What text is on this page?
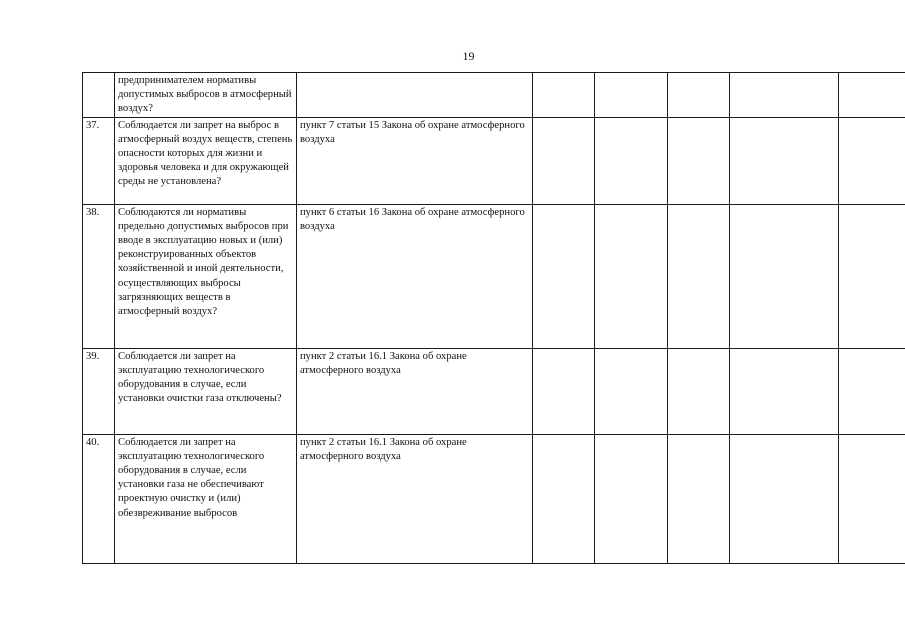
19
	предпринимателем нормативы допустимых выбросов в атмосферный воздух?						
37.	Соблюдается ли запрет на выброс в атмосферный воздух веществ, степень опасности которых для жизни и здоровья человека и для окружающей среды не установлена?	пункт 7 статьи 15 Закона об охране атмосферного воздуха					
38.	Соблюдаются ли нормативы предельно допустимых выбросов при вводе в эксплуатацию новых и (или) реконструированных объектов хозяйственной и иной деятельности, осуществляющих выбросы загрязняющих веществ в атмосферный воздух?	пункт 6 статьи 16 Закона об охране атмосферного воздуха					
39.	Соблюдается ли запрет на эксплуатацию технологического оборудования в случае, если установки очистки газа отключены?	пункт 2 статьи 16.1 Закона об охране атмосферного воздуха					
40.	Соблюдается ли запрет на эксплуатацию технологического оборудования в случае, если установки газа не обеспечивают проектную очистку и (или) обезвреживание выбросов	пункт 2 статьи 16.1 Закона об охране атмосферного воздуха					
